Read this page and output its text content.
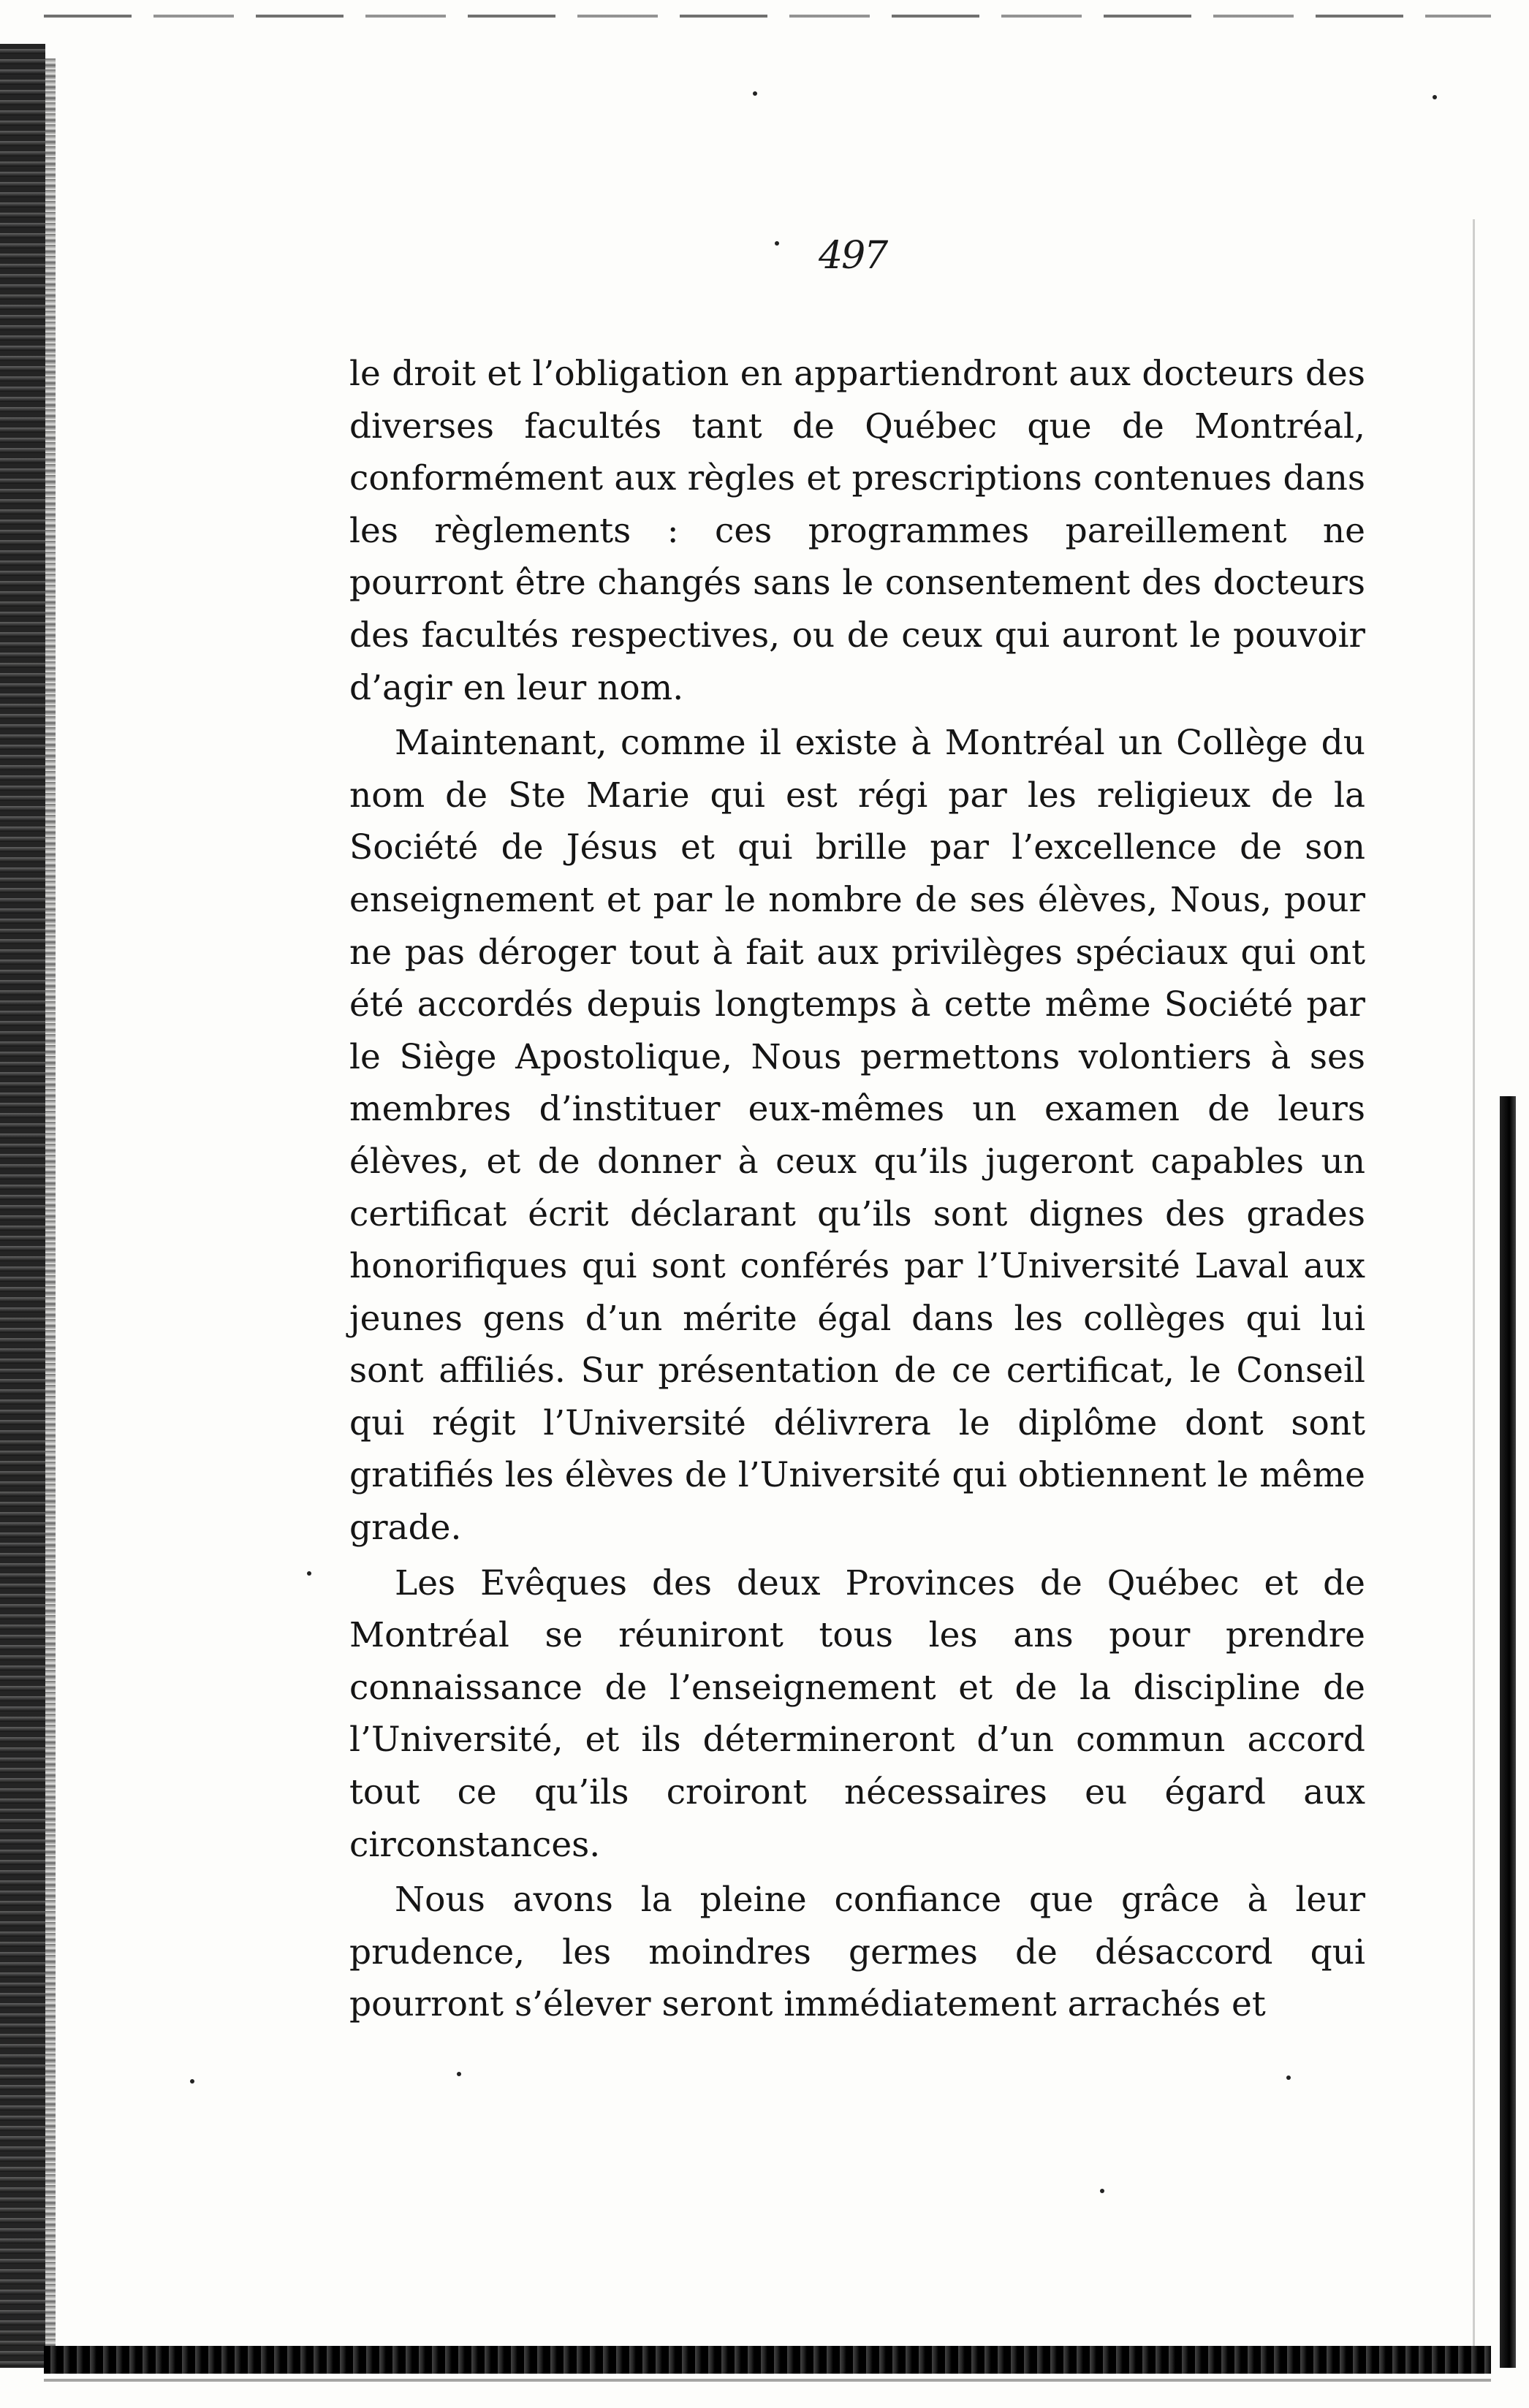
497

le droit et l’obligation en appartiendront aux docteurs des diverses facultés tant de Québec que de Montréal, conformément aux règles et prescriptions contenues dans les règlements : ces programmes pareillement ne pourront être changés sans le consentement des docteurs des facultés respectives, ou de ceux qui auront le pouvoir d’agir en leur nom.

Maintenant, comme il existe à Montréal un Collège du nom de Ste Marie qui est régi par les religieux de la Société de Jésus et qui brille par l’excellence de son enseignement et par le nombre de ses élèves, Nous, pour ne pas déroger tout à fait aux privilèges spéciaux qui ont été accordés depuis longtemps à cette même Société par le Siège Apostolique, Nous permettons volontiers à ses membres d’instituer eux-mêmes un examen de leurs élèves, et de donner à ceux qu’ils jugeront capables un certificat écrit déclarant qu’ils sont dignes des grades honorifiques qui sont conférés par l’Université Laval aux jeunes gens d’un mérite égal dans les collèges qui lui sont affiliés. Sur présentation de ce certificat, le Conseil qui régit l’Université délivrera le diplôme dont sont gratifiés les élèves de l’Université qui obtiennent le même grade.

Les Evêques des deux Provinces de Québec et de Montréal se réuniront tous les ans pour prendre connaissance de l’enseignement et de la discipline de l’Université, et ils détermineront d’un commun accord tout ce qu’ils croiront nécessaires eu égard aux circonstances.

Nous avons la pleine confiance que grâce à leur prudence, les moindres germes de désaccord qui pourront s’élever seront immédiatement arrachés et
